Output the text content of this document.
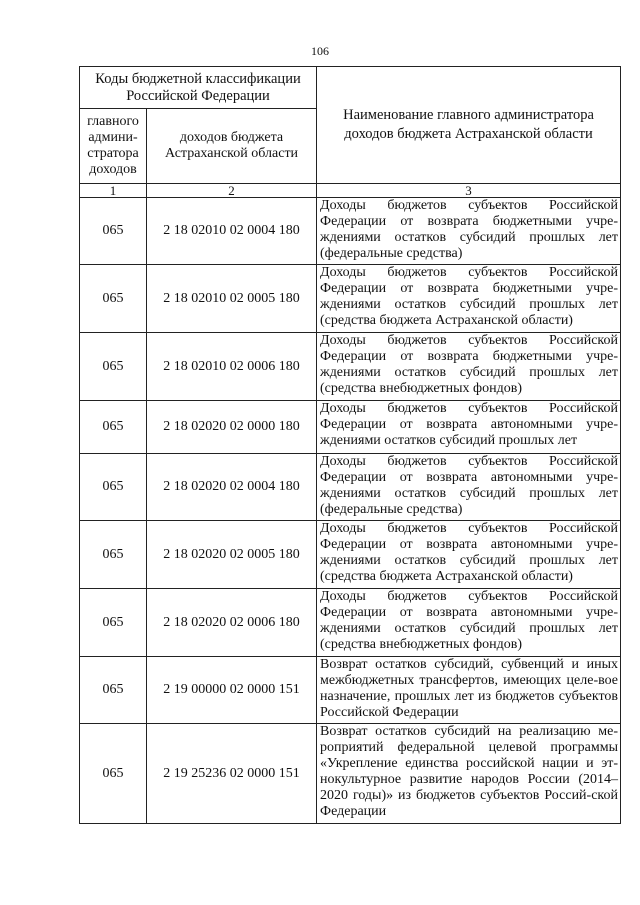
106
Коды бюджетной классификации Российской Федерации		Наименование главного администратора доходов бюджета Астраханской области
главного админи-стратора доходов	доходов бюджета Астраханской области	
1	2	3
065	2 18 02010 02 0004 180	Доходы бюджетов субъектов Российской Федерации от возврата бюджетными учре-ждениями остатков субсидий прошлых лет (федеральные средства)
065	2 18 02010 02 0005 180	Доходы бюджетов субъектов Российской Федерации от возврата бюджетными учре-ждениями остатков субсидий прошлых лет (средства бюджета Астраханской области)
065	2 18 02010 02 0006 180	Доходы бюджетов субъектов Российской Федерации от возврата бюджетными учре-ждениями остатков субсидий прошлых лет (средства внебюджетных фондов)
065	2 18 02020 02 0000 180	Доходы бюджетов субъектов Российской Федерации от возврата автономными учре-ждениями остатков субсидий прошлых лет
065	2 18 02020 02 0004 180	Доходы бюджетов субъектов Российской Федерации от возврата автономными учре-ждениями остатков субсидий прошлых лет (федеральные средства)
065	2 18 02020 02 0005 180	Доходы бюджетов субъектов Российской Федерации от возврата автономными учре-ждениями остатков субсидий прошлых лет (средства бюджета Астраханской области)
065	2 18 02020 02 0006 180	Доходы бюджетов субъектов Российской Федерации от возврата автономными учре-ждениями остатков субсидий прошлых лет (средства внебюджетных фондов)
065	2 19 00000 02 0000 151	Возврат остатков субсидий, субвенций и иных межбюджетных трансфертов, имеющих целе-вое назначение, прошлых лет из бюджетов субъектов Российской Федерации
065	2 19 25236 02 0000 151	Возврат остатков субсидий на реализацию ме-роприятий федеральной целевой программы «Укрепление единства российской нации и эт-нокультурное развитие народов России (2014–2020 годы)» из бюджетов субъектов Россий-ской Федерации
